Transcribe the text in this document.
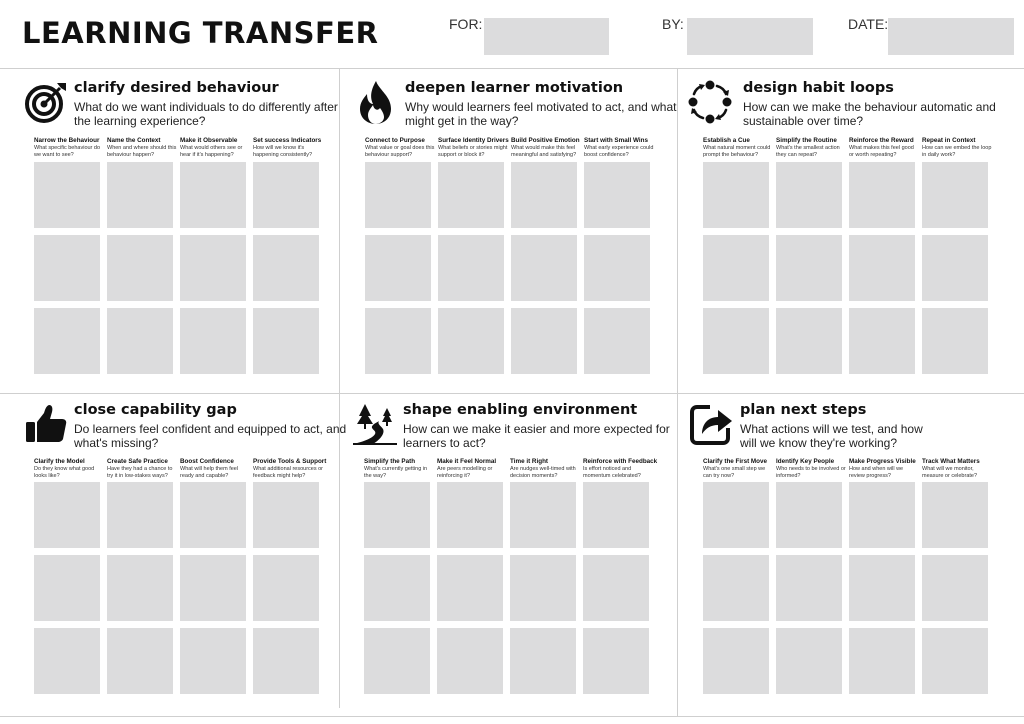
LEARNING TRANSFER	FOR:	BY:	DATE:
clarify desired behaviour
What do we want individuals to do differently after the learning experience?
Narrow the Behaviour
What specific behaviour do we want to see?
Name the Context
When and where should this behaviour happen?
Make it Observable
What would others see or hear if it's happening?
Set success Indicators
How will we know it's happening consistently?
deepen learner motivation
Why would learners feel motivated to act, and what might get in the way?
Connect to Purpose
What value or goal does this behaviour support?
Surface Identity Drivers
What beliefs or stories might support or block it?
Build Positive Emotion
What would make this feel meaningful and satisfying?
Start with Small Wins
What early experience could boost confidence?
design habit loops
How can we make the behaviour automatic and sustainable over time?
Establish a Cue
What natural moment could prompt the behaviour?
Simplify the Routine
What's the smallest action they can repeat?
Reinforce the Reward
What makes this feel good or worth repeating?
Repeat in Context
How can we embed the loop in daily work?
close capability gap
Do learners feel confident and equipped to act, and what's missing?
Clarify the Model
Do they know what good looks like?
Create Safe Practice
Have they had a chance to try it in low-stakes ways?
Boost Confidence
What will help them feel ready and capable?
Provide Tools & Support
What additional resources or feedback might help?
shape enabling environment
How can we make it easier and more expected for learners to act?
Simplify the Path
What's currently getting in the way?
Make it Feel Normal
Are peers modelling or reinforcing it?
Time it Right
Are nudges well-timed with decision moments?
Reinforce with Feedback
Is effort noticed and momentum celebrated?
plan next steps
What actions will we test, and how will we know they're working?
Clarify the First Move
What's one small step we can try now?
Identify Key People
Who needs to be involved or informed?
Make Progress Visible
How and when will we review progress?
Track What Matters
What will we monitor, measure or celebrate?
